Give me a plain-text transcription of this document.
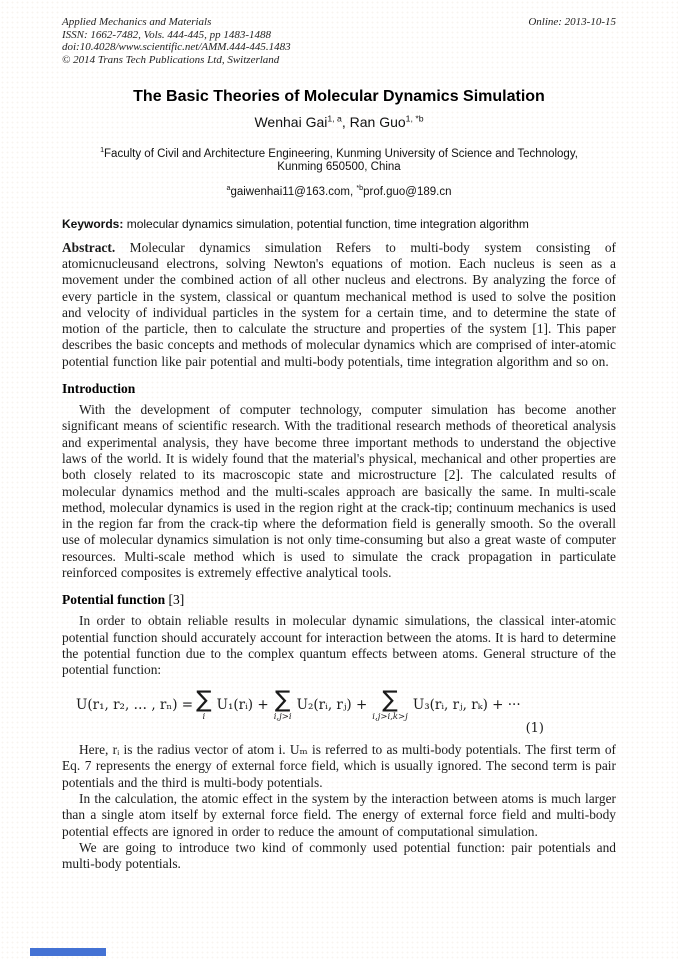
Applied Mechanics and Materials
ISSN: 1662-7482, Vols. 444-445, pp 1483-1488
doi:10.4028/www.scientific.net/AMM.444-445.1483
© 2014 Trans Tech Publications Ltd, Switzerland
Online: 2013-10-15
The Basic Theories of Molecular Dynamics Simulation
Wenhai Gai$^{1, a}$, Ran Guo$^{1, *b}$
$^1$Faculty of Civil and Architecture Engineering, Kunming University of Science and Technology,
Kunming 650500, China
$^a$gaiwenhai11@163.com, $^{*b}$prof.guo@189.cn
Keywords: molecular dynamics simulation, potential function, time integration algorithm

Abstract. Molecular dynamics simulation Refers to multi-body system consisting of atomicnucleusand electrons, solving Newton's equations of motion. Each nucleus is seen as a movement under the combined action of all other nucleus and electrons. By analyzing the force of every particle in the system, classical or quantum mechanical method is used to solve the position and velocity of individual particles in the system for a certain time, and to determine the state of motion of the particle, then to calculate the structure and properties of the system [1]. This paper describes the basic concepts and methods of molecular dynamics which are comprised of inter-atomic potential function like pair potential and multi-body potentials, time integration algorithm and so on.

Introduction

With the development of computer technology, computer simulation has become another significant means of scientific research. With the traditional research methods of theoretical analysis and experimental analysis, they have become three important methods to understand the objective laws of the world. It is widely found that the material's physical, mechanical and other properties are both closely related to its macroscopic state and microstructure [2]. The calculated results of molecular dynamics method and the multi-scales approach are basically the same. In multi-scale method, molecular dynamics is used in the region right at the crack-tip; continuum mechanics is used in the region far from the crack-tip where the deformation field is generally smooth. So the overall use of molecular dynamics simulation is not only time-consuming but also a great waste of computer resources. Multi-scale method which is used to simulate the crack propagation in particulate reinforced composites is extremely effective analytical tools.

Potential function [3]

In order to obtain reliable results in molecular dynamic simulations, the classical inter-atomic potential function should accurately account for interaction between the atoms. It is hard to determine the potential function due to the complex quantum effects between atoms. General structure of the potential function:

U(r₁, r₂, … , rₙ) = ∑
i
U₁(rᵢ) + ∑
i,j>i
U₂(rᵢ, rⱼ) + ∑
i,j>i,k>j
U₃(rᵢ, rⱼ, rₖ) + ···
(1)

Here, rᵢ is the radius vector of atom i. Uₘ is referred to as multi-body potentials. The first term of Eq. 7 represents the energy of external force field, which is usually ignored. The second term is pair potentials and the third is multi-body potentials.

In the calculation, the atomic effect in the system by the interaction between atoms is much larger than a single atom itself by external force field. The energy of external force field and multi-body potential effects are ignored in order to reduce the amount of computational simulation.

We are going to introduce two kind of commonly used potential function: pair potentials and multi-body potentials.
